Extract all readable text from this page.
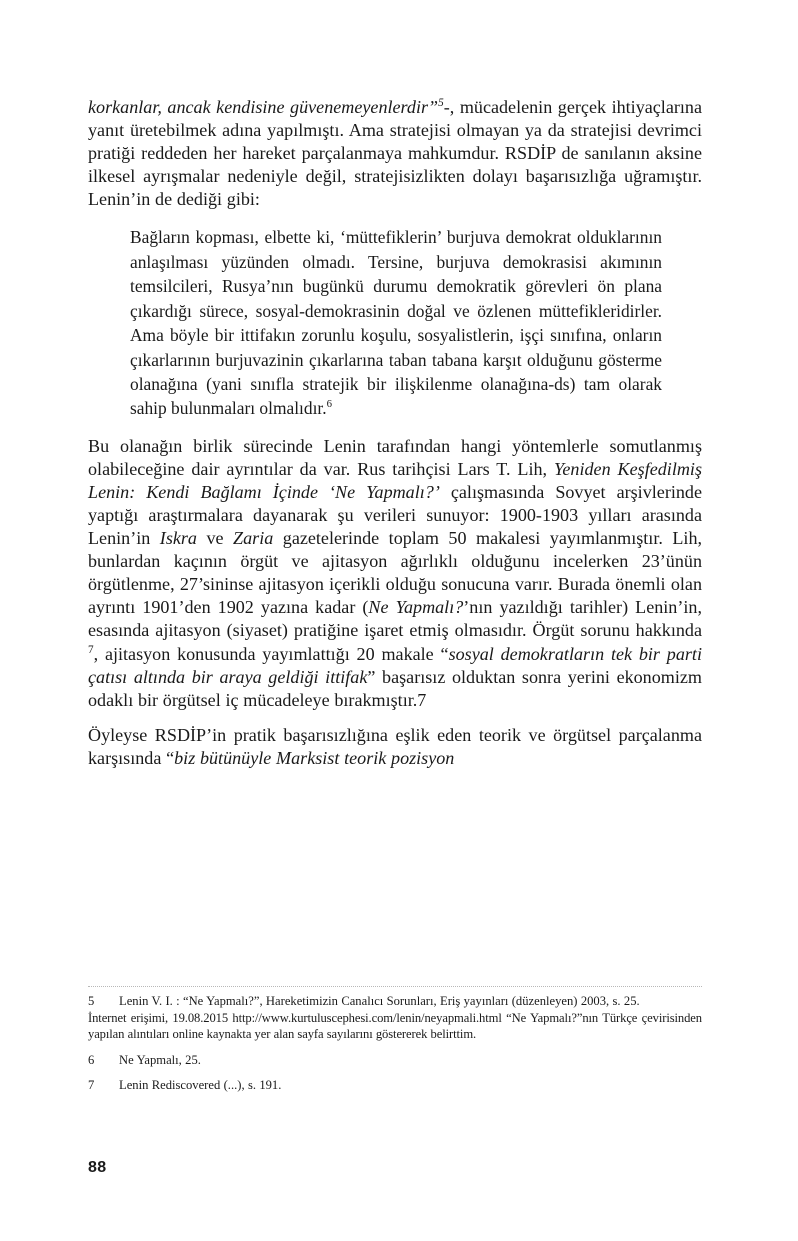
korkanlar, ancak kendisine güvenemeyenlerdir”$^5$-, mücadelenin gerçek ihtiyaçlarına yanıt üretebilmek adına yapılmıştı. Ama stratejisi olmayan ya da stratejisi devrimci pratiği reddeden her hareket parçalanmaya mahkumdur. RSDİP de sanılanın aksine ilkesel ayrışmalar nedeniyle değil, stratejisizlikten dolayı başarısızlığa uğramıştır. Lenin’in de dediği gibi:

Bağların kopması, elbette ki, ‘müttefiklerin’ burjuva demokrat olduklarının anlaşılması yüzünden olmadı. Tersine, burjuva demokrasisi akımının temsilcileri, Rusya’nın bugünkü durumu demokratik görevleri ön plana çıkardığı sürece, sosyal-demokrasinin doğal ve özlenen müttefikleridirler. Ama böyle bir ittifakın zorunlu koşulu, sosyalistlerin, işçi sınıfına, onların çıkarlarının burjuvazinin çıkarlarına taban tabana karşıt olduğunu gösterme olanağına (yani sınıfla stratejik bir ilişkilenme olanağına-ds) tam olarak sahip bulunmaları olmalıdır.$^6$

Bu olanağın birlik sürecinde Lenin tarafından hangi yöntemlerle somutlanmış olabileceğine dair ayrıntılar da var. Rus tarihçisi Lars T. Lih, Yeniden Keşfedilmiş Lenin: Kendi Bağlamı İçinde ‘Ne Yapmalı?’ çalışmasında Sovyet arşivlerinde yaptığı araştırmalara dayanarak şu verileri sunuyor: 1900-1903 yılları arasında Lenin’in Iskra ve Zaria gazetelerinde toplam 50 makalesi yayımlanmıştır. Lih, bunlardan kaçının örgüt ve ajitasyon ağırlıklı olduğunu incelerken 23’ünün örgütlenme, 27’sininse ajitasyon içerikli olduğu sonucuna varır. Burada önemli olan ayrıntı 1901’den 1902 yazına kadar (Ne Yapmalı?’nın yazıldığı tarihler) Lenin’in, esasında ajitasyon (siyaset) pratiğine işaret etmiş olmasıdır. Örgüt sorunu hakkında $^7$, ajitasyon konusunda yayımlattığı 20 makale “sosyal demokratların tek bir parti çatısı altında bir araya geldiği ittifak” başarısız olduktan sonra yerini ekonomizm odaklı bir örgütsel iç mücadeleye bırakmıştır.7

Öyleyse RSDİP’in pratik başarısızlığına eşlik eden teorik ve örgütsel parçalanma karşısında “biz bütünüyle Marksist teorik pozisyon

5	Lenin V. I. : “Ne Yapmalı?”, Hareketimizin Canalıcı Sorunları, Eriş yayınları (düzenleyen) 2003, s. 25.

İnternet erişimi, 19.08.2015 http://www.kurtuluscephesi.com/lenin/neyapmali.html “Ne Yapmalı?”nın Türkçe çevirisinden yapılan alıntıları online kaynakta yer alan sayfa sayılarını göstererek belirttim.

6	Ne Yapmalı, 25.

7	Lenin Rediscovered (...), s. 191.

88
